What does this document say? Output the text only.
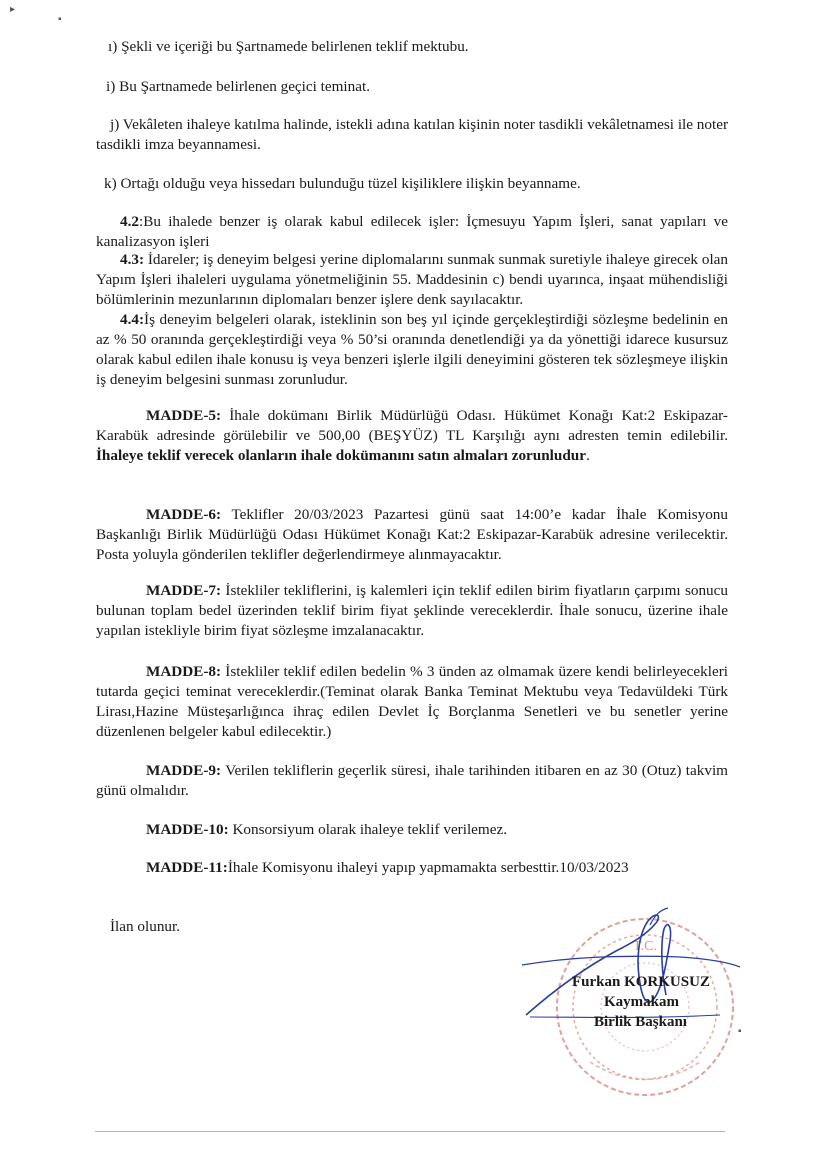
▸
▪

ı) Şekli ve içeriği bu Şartnamede belirlenen teklif mektubu.

i) Bu Şartnamede belirlenen geçici teminat.

j) Vekâleten ihaleye katılma halinde, istekli adına katılan kişinin noter tasdikli vekâletnamesi ile noter tasdikli imza beyannamesi.

k) Ortağı olduğu veya hissedarı bulunduğu tüzel kişiliklere ilişkin beyanname.

4.2:Bu ihalede benzer iş olarak kabul edilecek işler: İçmesuyu Yapım İşleri, sanat yapıları ve kanalizasyon işleri

4.3: İdareler; iş deneyim belgesi yerine diplomalarını sunmak sunmak suretiyle ihaleye girecek olan Yapım İşleri ihaleleri uygulama yönetmeliğinin 55. Maddesinin c) bendi uyarınca, inşaat mühendisliği bölümlerinin mezunlarının diplomaları benzer işlere denk sayılacaktır.

4.4:İş deneyim belgeleri olarak, isteklinin son beş yıl içinde gerçekleştirdiği sözleşme bedelinin en az % 50 oranında gerçekleştirdiği veya % 50’si oranında denetlendiği ya da yönettiği idarece kusursuz olarak kabul edilen ihale konusu iş veya benzeri işlerle ilgili deneyimini gösteren tek sözleşmeye ilişkin iş deneyim belgesini sunması zorunludur.

MADDE-5: İhale dokümanı Birlik Müdürlüğü Odası. Hükümet Konağı Kat:2 Eskipazar-Karabük adresinde görülebilir ve 500,00 (BEŞYÜZ) TL Karşılığı aynı adresten temin edilebilir. İhaleye teklif verecek olanların ihale dokümanını satın almaları zorunludur.

MADDE-6: Teklifler 20/03/2023 Pazartesi günü saat 14:00’e kadar İhale Komisyonu Başkanlığı Birlik Müdürlüğü Odası Hükümet Konağı Kat:2 Eskipazar-Karabük adresine verilecektir. Posta yoluyla gönderilen teklifler değerlendirmeye alınmayacaktır.

MADDE-7: İstekliler tekliflerini, iş kalemleri için teklif edilen birim fiyatların çarpımı sonucu bulunan toplam bedel üzerinden teklif birim fiyat şeklinde vereceklerdir. İhale sonucu, üzerine ihale yapılan istekliyle birim fiyat sözleşme imzalanacaktır.

MADDE-8: İstekliler teklif edilen bedelin % 3 ünden az olmamak üzere kendi belirleyecekleri tutarda geçici teminat vereceklerdir.(Teminat olarak Banka Teminat Mektubu veya Tedavüldeki Türk Lirası,Hazine Müsteşarlığınca ihraç edilen Devlet İç Borçlanma Senetleri ve bu senetler yerine düzenlenen belgeler kabul edilecektir.)

MADDE-9: Verilen tekliflerin geçerlik süresi, ihale tarihinden itibaren en az 30 (Otuz) takvim günü olmalıdır.

MADDE-10: Konsorsiyum olarak ihaleye teklif verilemez.

MADDE-11:İhale Komisyonu ihaleyi yapıp yapmamakta serbesttir.10/03/2023

İlan olunur.

T.C.
Furkan KORKUSUZ
Kaymakam
Birlik Başkanı
▪
